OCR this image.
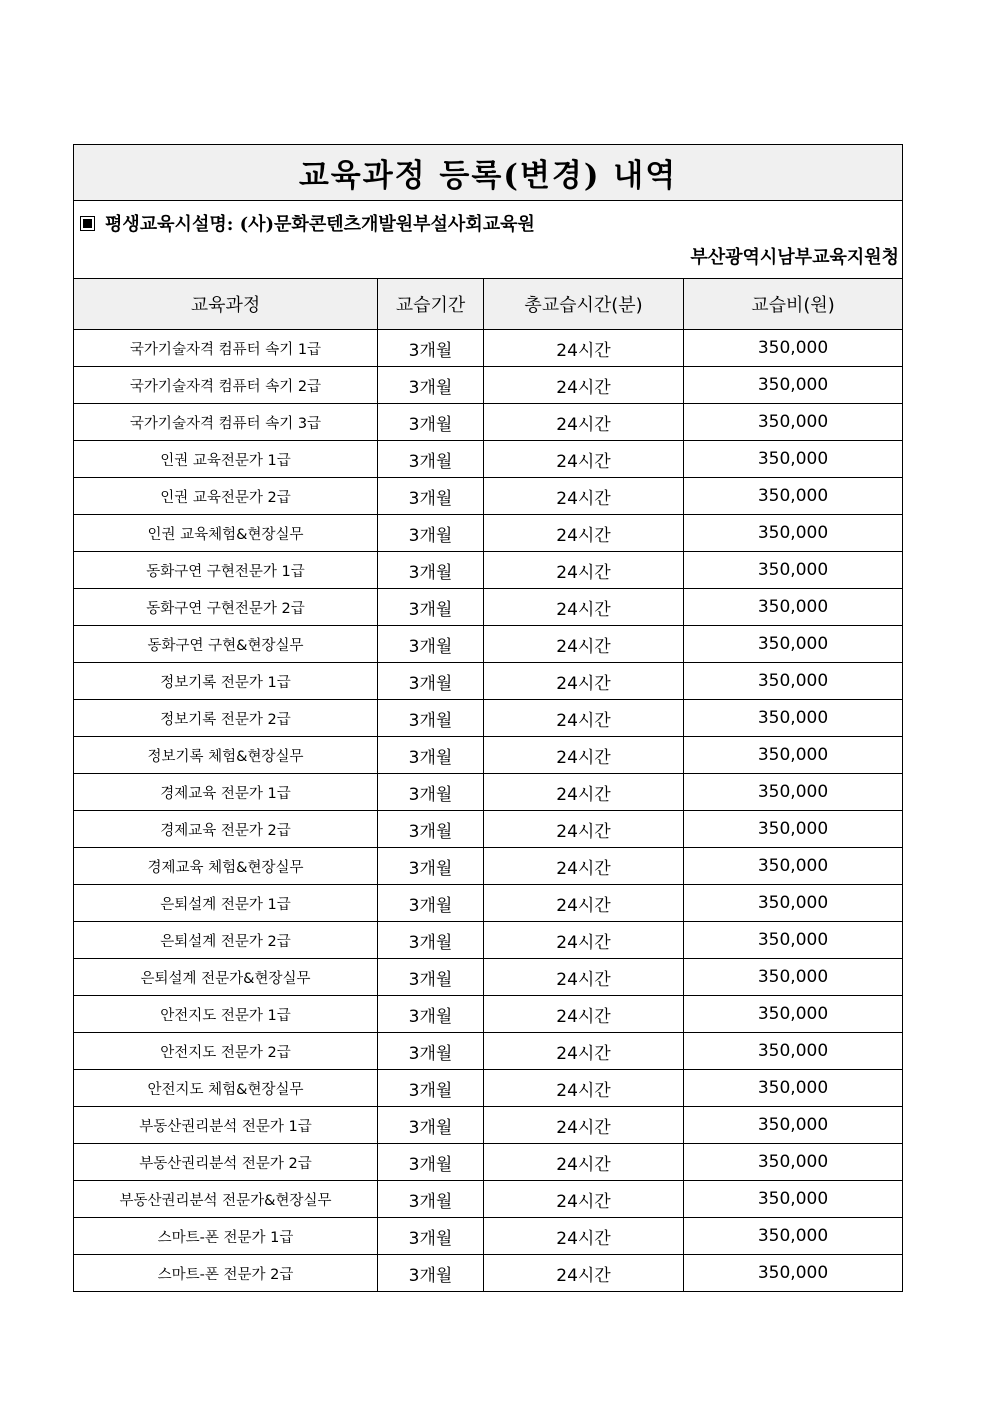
교육과정 등록(변경) 내역			

평생교육시설명: (사)문화콘텐츠개발원부설사회교육원
부산광역시남부교육지원청			

교육과정	교습기간	총교습시간(분)	교습비(원)
국가기술자격 컴퓨터 속기 1급	3개월	24시간	350,000
국가기술자격 컴퓨터 속기 2급	3개월	24시간	350,000
국가기술자격 컴퓨터 속기 3급	3개월	24시간	350,000
인권 교육전문가 1급	3개월	24시간	350,000
인권 교육전문가 2급	3개월	24시간	350,000
인권 교육체험&현장실무	3개월	24시간	350,000
동화구연 구현전문가 1급	3개월	24시간	350,000
동화구연 구현전문가 2급	3개월	24시간	350,000
동화구연 구현&현장실무	3개월	24시간	350,000
정보기록 전문가 1급	3개월	24시간	350,000
정보기록 전문가 2급	3개월	24시간	350,000
정보기록 체험&현장실무	3개월	24시간	350,000
경제교육 전문가 1급	3개월	24시간	350,000
경제교육 전문가 2급	3개월	24시간	350,000
경제교육 체험&현장실무	3개월	24시간	350,000
은퇴설계 전문가 1급	3개월	24시간	350,000
은퇴설계 전문가 2급	3개월	24시간	350,000
은퇴설계 전문가&현장실무	3개월	24시간	350,000
안전지도 전문가 1급	3개월	24시간	350,000
안전지도 전문가 2급	3개월	24시간	350,000
안전지도 체험&현장실무	3개월	24시간	350,000
부동산권리분석 전문가 1급	3개월	24시간	350,000
부동산권리분석 전문가 2급	3개월	24시간	350,000
부동산권리분석 전문가&현장실무	3개월	24시간	350,000
스마트-폰 전문가 1급	3개월	24시간	350,000
스마트-폰 전문가 2급	3개월	24시간	350,000
